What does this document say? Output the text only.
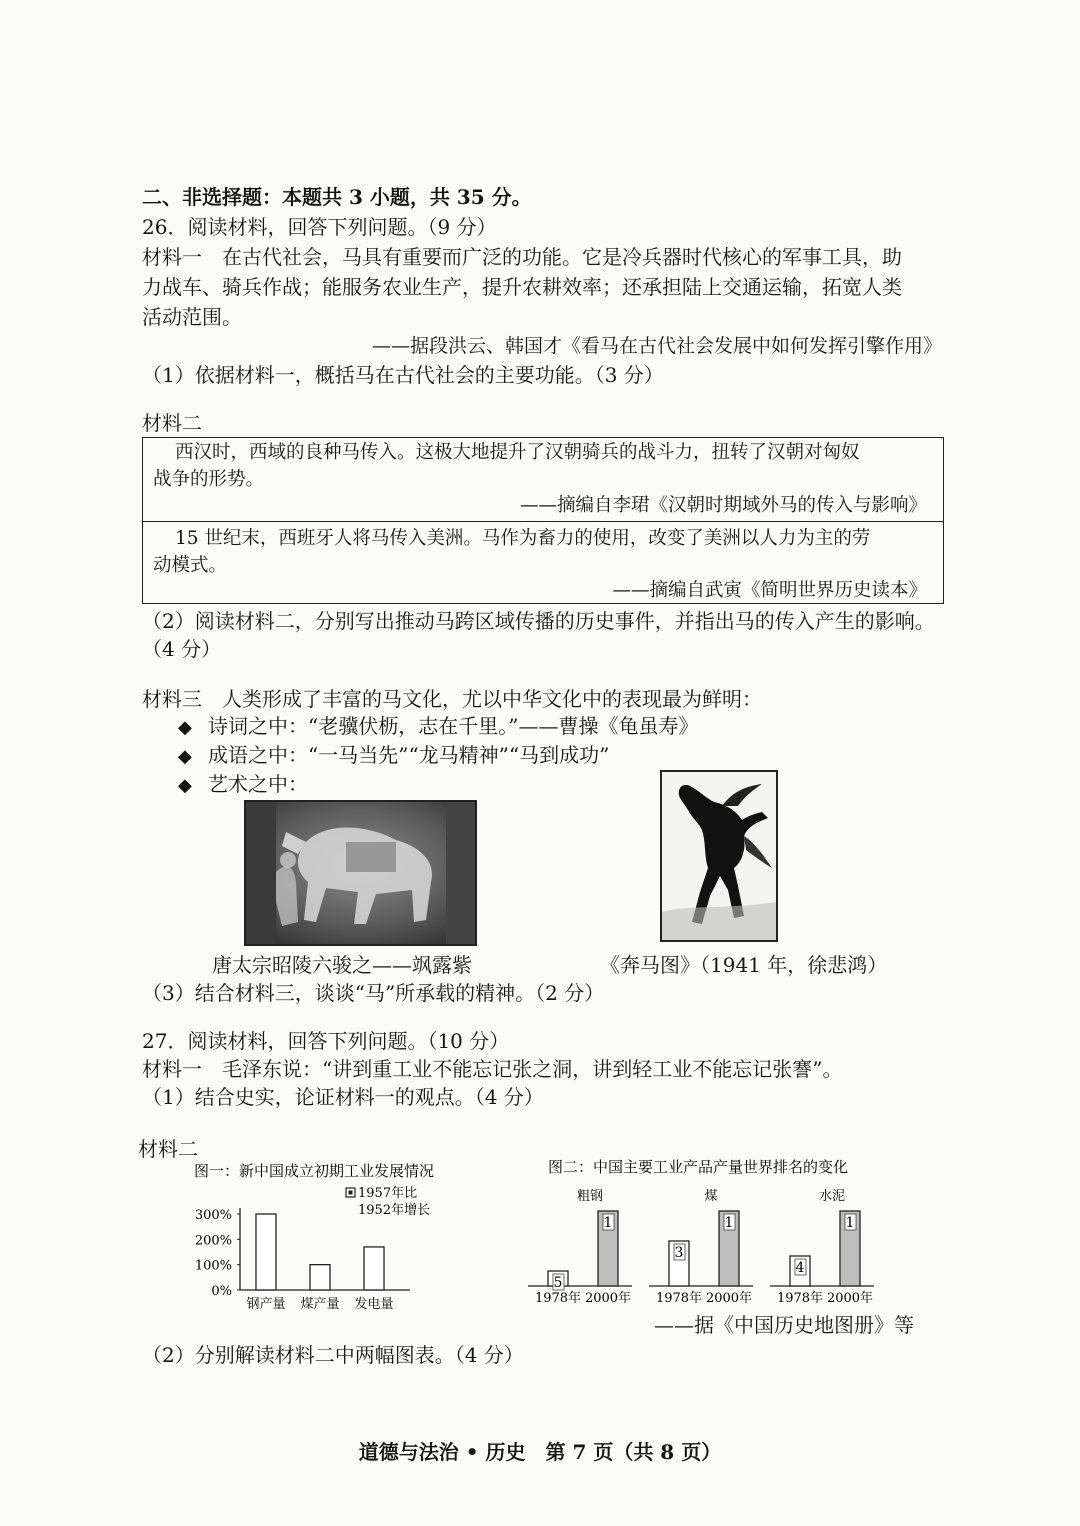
二、非选择题：本题共 3 小题，共 35 分。
26．阅读材料，回答下列问题。（9 分）
材料一　在古代社会，马具有重要而广泛的功能。它是冷兵器时代核心的军事工具，助
力战车、骑兵作战；能服务农业生产，提升农耕效率；还承担陆上交通运输，拓宽人类
活动范围。
——据段洪云、韩国才《看马在古代社会发展中如何发挥引擎作用》
（1）依据材料一，概括马在古代社会的主要功能。（3 分）
材料二

西汉时，西域的良种马传入。这极大地提升了汉朝骑兵的战斗力，扭转了汉朝对匈奴

战争的形势。

——摘编自李珺《汉朝时期域外马的传入与影响》

15 世纪末，西班牙人将马传入美洲。马作为畜力的使用，改变了美洲以人力为主的劳

动模式。

——摘编自武寅《简明世界历史读本》

（2）阅读材料二，分别写出推动马跨区域传播的历史事件，并指出马的传入产生的影响。
（4 分）
材料三　人类形成了丰富的马文化，尤以中华文化中的表现最为鲜明：
◆ 诗词之中：“老骥伏枥，志在千里。”——曹操《龟虽寿》
◆ 成语之中：“一马当先”“龙马精神”“马到成功”
◆ 艺术之中：
唐太宗昭陵六骏之——飒露紫	《奔马图》（1941 年，徐悲鸿）
（3）结合材料三，谈谈“马”所承载的精神。（2 分）
27．阅读材料，回答下列问题。（10 分）
材料一　毛泽东说：“讲到重工业不能忘记张之洞，讲到轻工业不能忘记张謇”。
（1）结合史实，论证材料一的观点。（4 分）
材料二
图一：新中国成立初期工业发展情况
1957年比
1952年增长
0%
100%
200%
300%
钢产量 煤产量 发电量
图二：中国主要工业产品产量世界排名的变化
粗钢
5
1978年
1
2000年
煤
3
1978年
1
2000年
水泥
4
1978年
1
2000年
——据《中国历史地图册》等
（2）分别解读材料二中两幅图表。（4 分）
道德与法治 • 历史　第 7 页（共 8 页）
